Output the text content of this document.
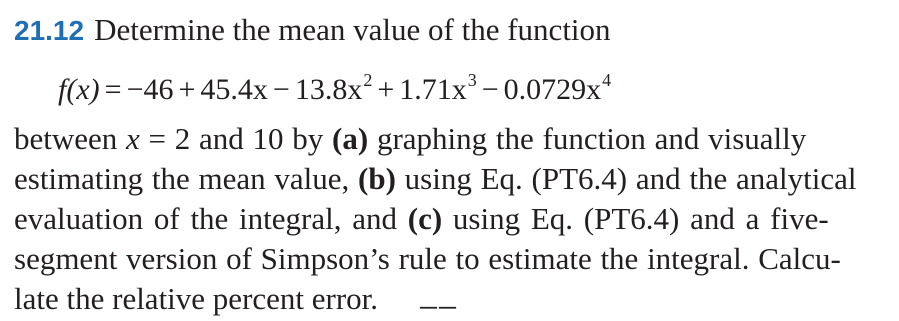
21.12 Determine the mean value of the function
$f(x) = -46 + 45.4x - 13.8x^2 + 1.71x^3 - 0.0729x^4$
between x = 2 and 10 by (a) graphing the function and visually
estimating the mean value, (b) using Eq. (PT6.4) and the analytical
evaluation of the integral, and (c) using Eq. (PT6.4) and a five-
segment version of Simpson’s rule to estimate the integral. Calcu-
late the relative percent error. ──
